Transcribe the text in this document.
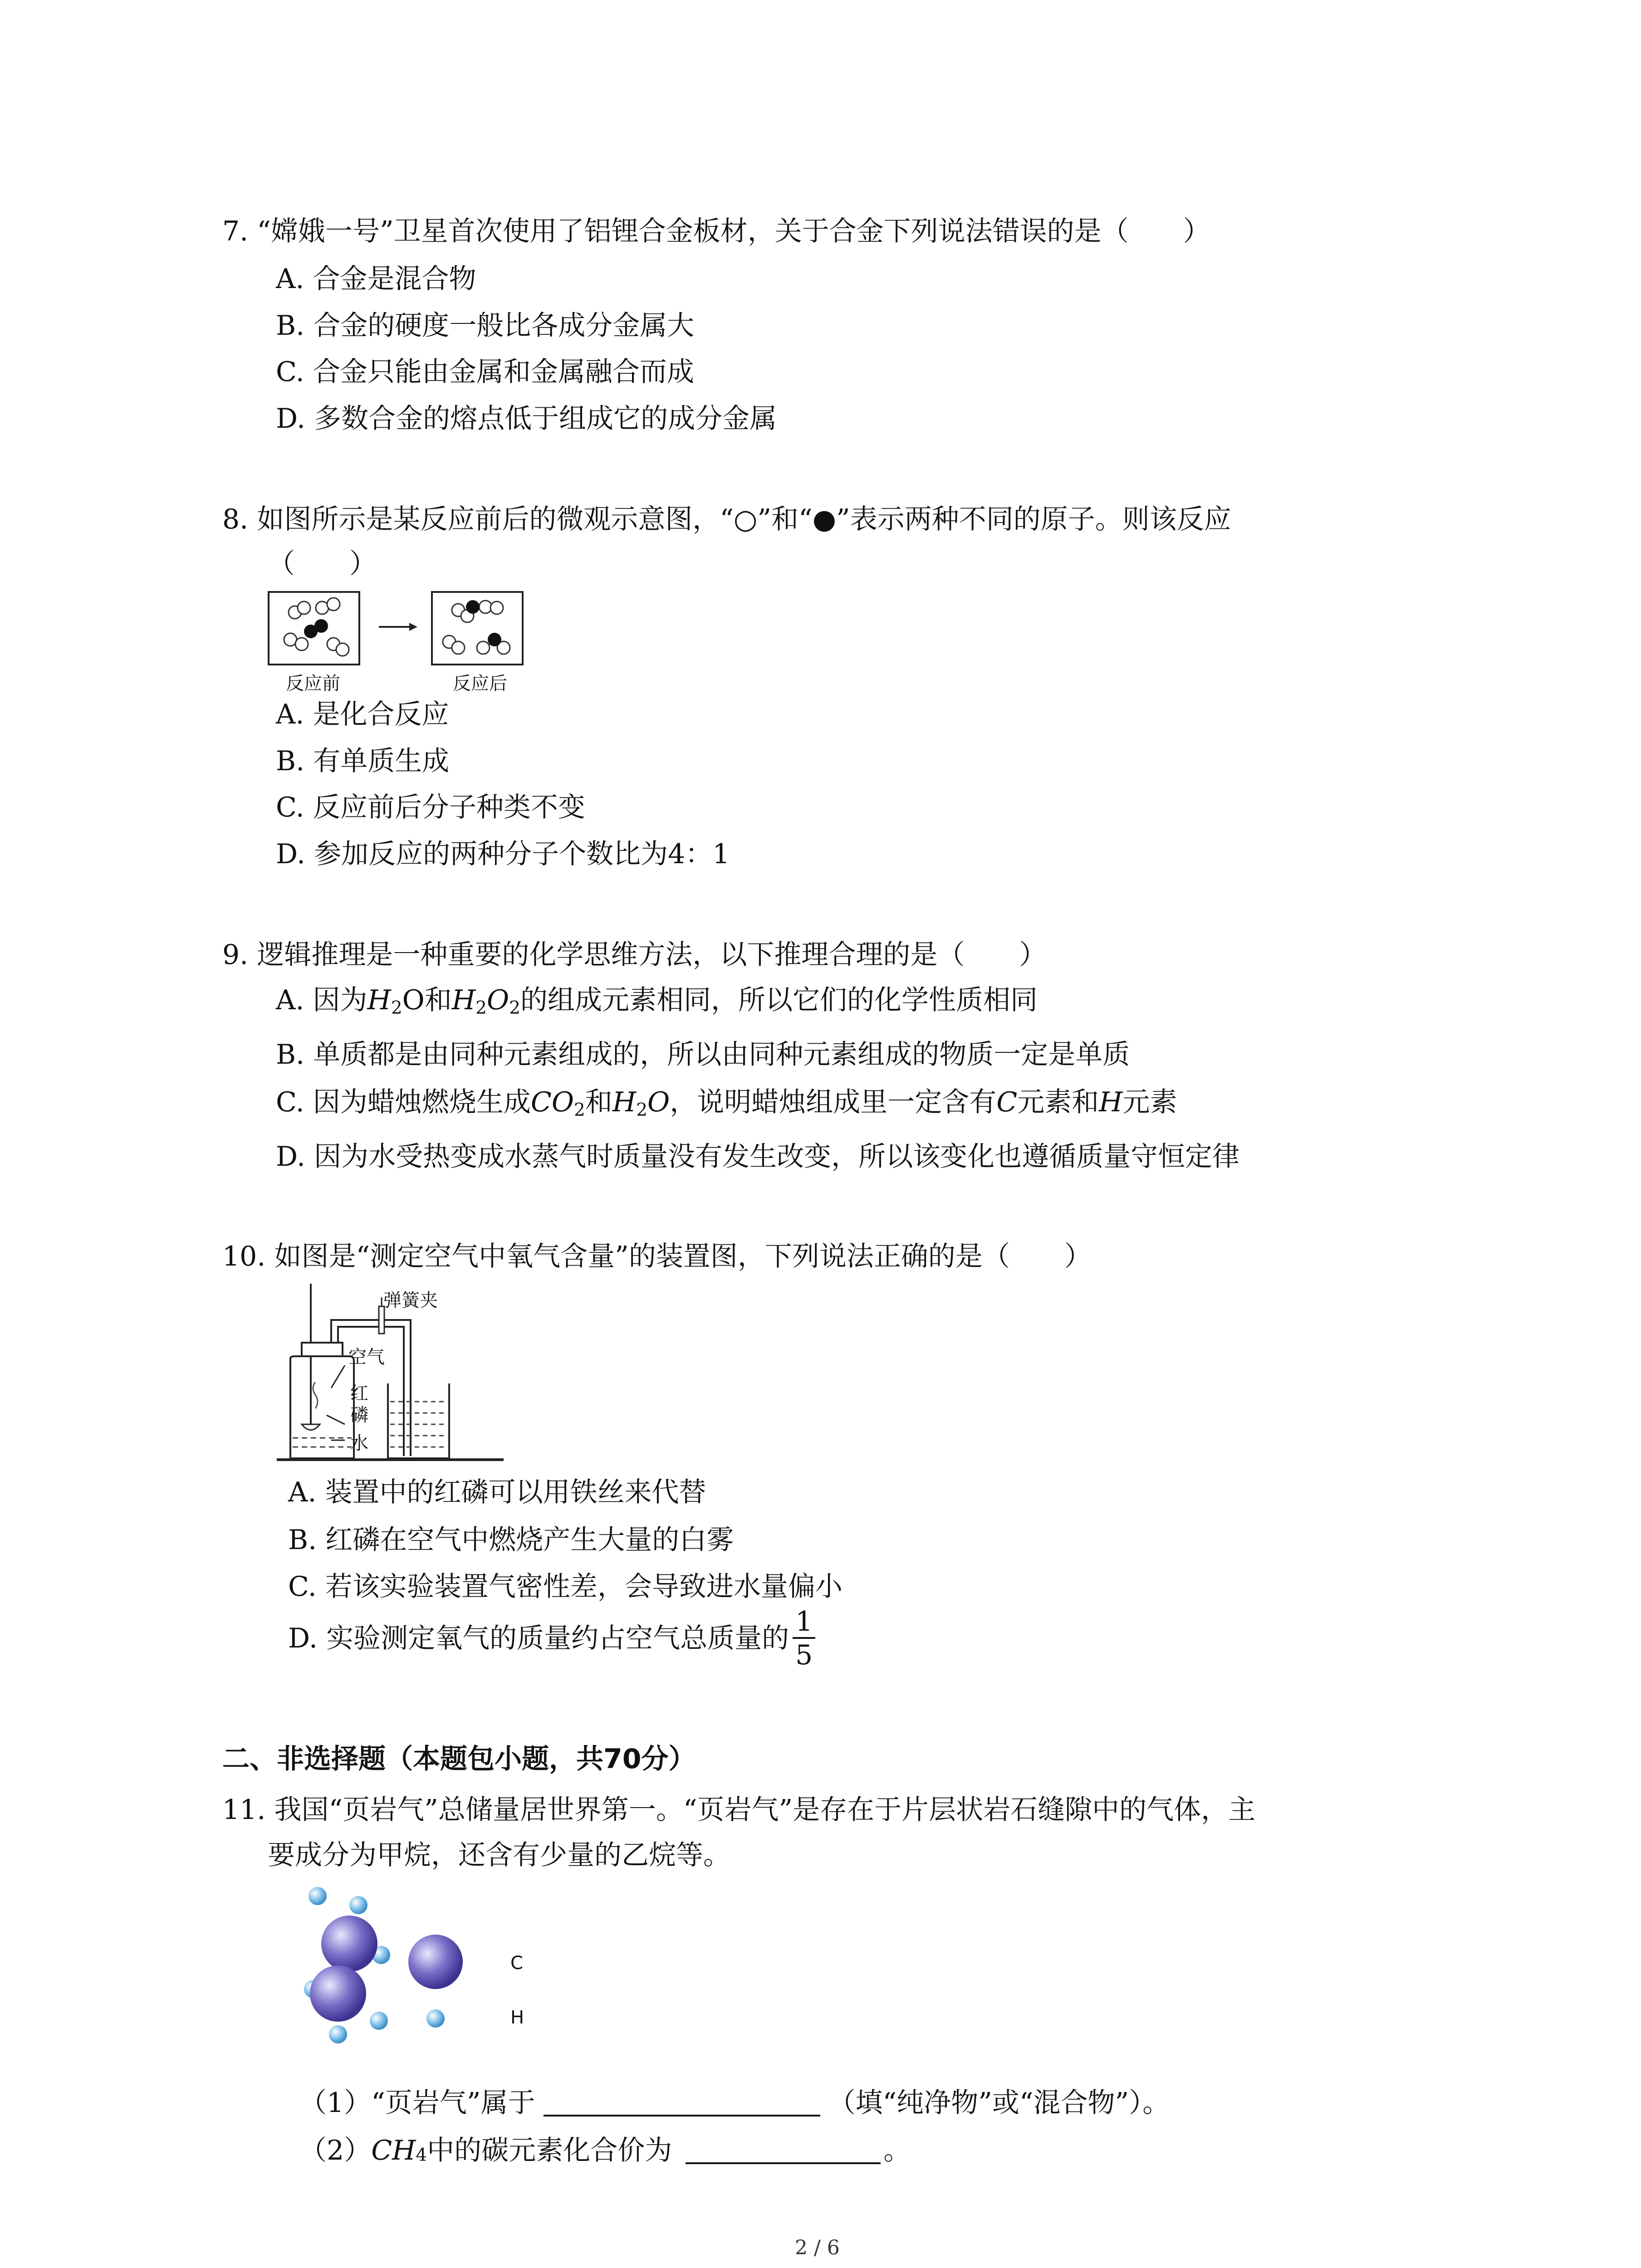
7. “嫦娥一号”卫星首次使用了铝锂合金板材，关于合金下列说法错误的是（　　）
A. 合金是混合物
B. 合金的硬度一般比各成分金属大
C. 合金只能由金属和金属融合而成
D. 多数合金的熔点低于组成它的成分金属
8. 如图所示是某反应前后的微观示意图，“○”和“●”表示两种不同的原子。则该反应
（　　）
反应前	反应后
A. 是化合反应
B. 有单质生成
C. 反应前后分子种类不变
D. 参加反应的两种分子个数比为4：1
9. 逻辑推理是一种重要的化学思维方法，以下推理合理的是（　　）
A. 因为$H_2O$和$H_2O_2$的组成元素相同，所以它们的化学性质相同
B. 单质都是由同种元素组成的，所以由同种元素组成的物质一定是单质
C. 因为蜡烛燃烧生成$CO_2$和$H_2O$，说明蜡烛组成里一定含有C元素和H元素
D. 因为水受热变成水蒸气时质量没有发生改变，所以该变化也遵循质量守恒定律
10. 如图是“测定空气中氧气含量”的装置图，下列说法正确的是（　　）
弹簧夹
空气
红
磷
水
A. 装置中的红磷可以用铁丝来代替
B. 红磷在空气中燃烧产生大量的白雾
C. 若该实验装置气密性差，会导致进水量偏小
D. 实验测定氧气的质量约占空气总质量的 $\frac{1}{5}$
二、非选择题（本题包小题，共70分）
11. 我国“页岩气”总储量居世界第一。“页岩气”是存在于片层状岩石缝隙中的气体，主
要成分为甲烷，还含有少量的乙烷等。
C
H
（1）“页岩气”属于	（填“纯净物”或“混合物”）。
（2） CH 4 中的碳元素化合价为	。
2 / 6
